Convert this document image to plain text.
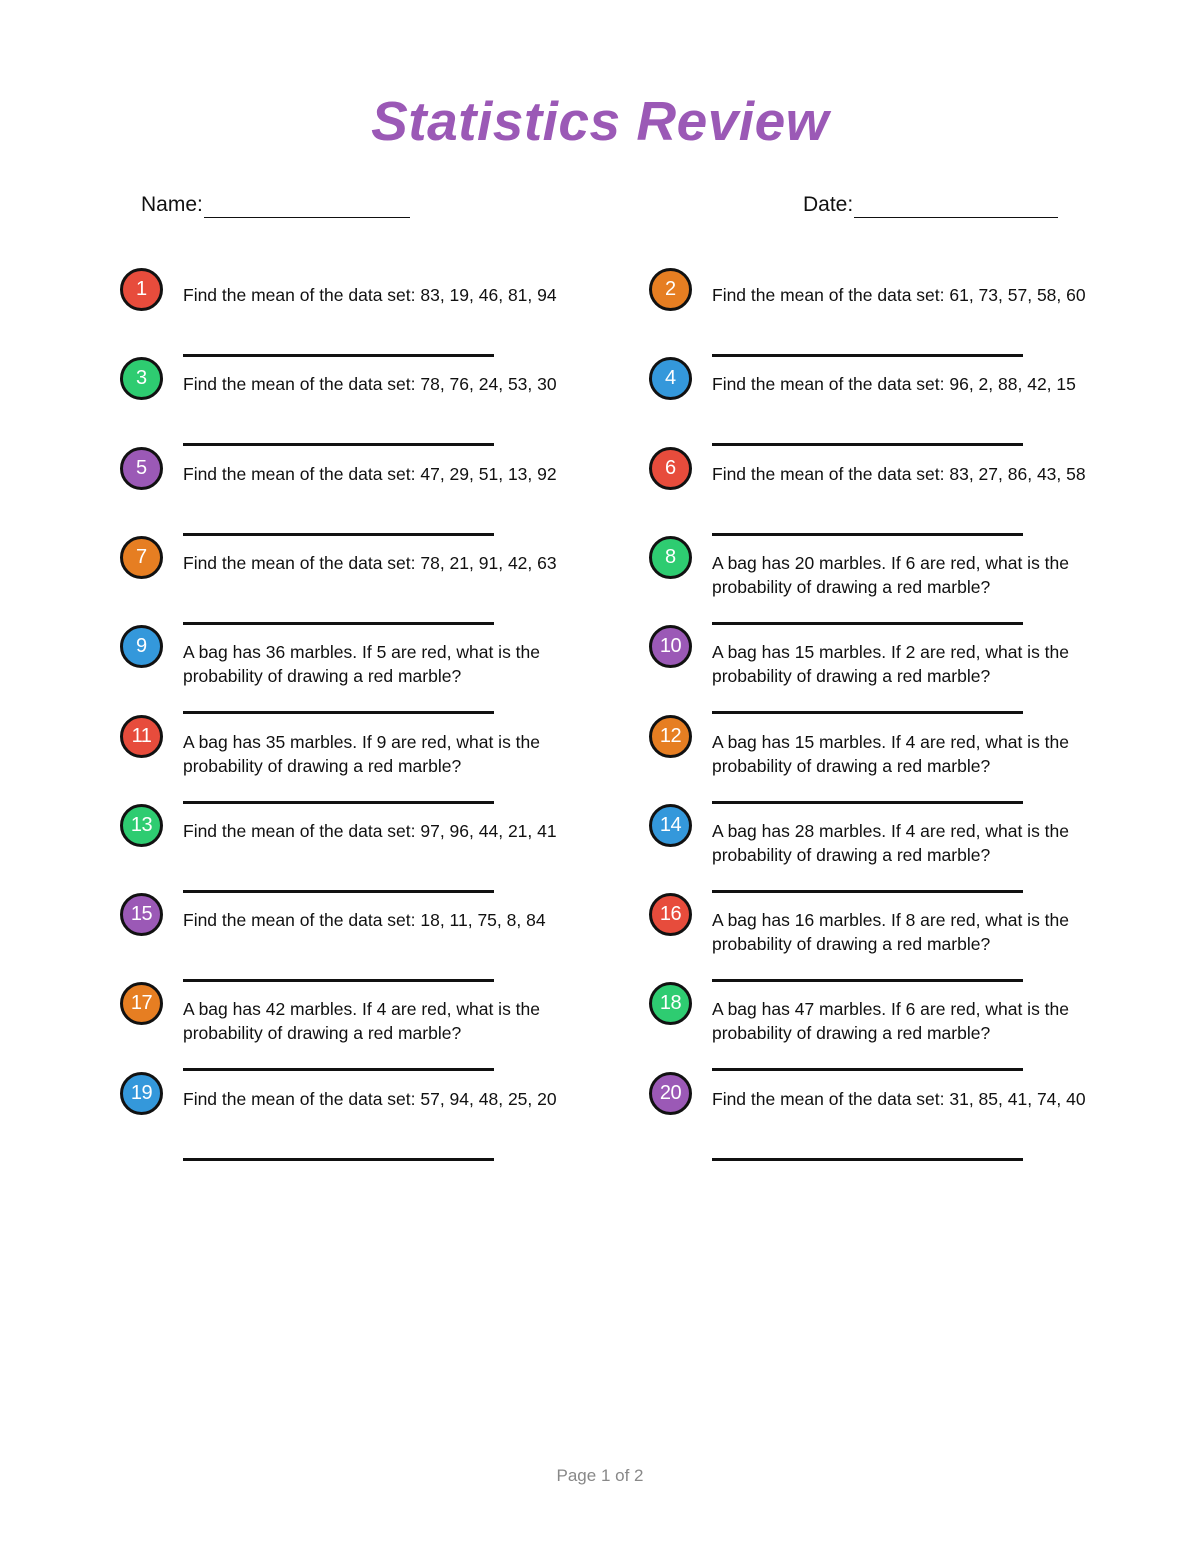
Statistics Review
Name:	Date:
1	Find the mean of the data set: 83, 19, 46, 81, 94	2	Find the mean of the data set: 61, 73, 57, 58, 60
3	Find the mean of the data set: 78, 76, 24, 53, 30	4	Find the mean of the data set: 96, 2, 88, 42, 15
5	Find the mean of the data set: 47, 29, 51, 13, 92	6	Find the mean of the data set: 83, 27, 86, 43, 58
7	Find the mean of the data set: 78, 21, 91, 42, 63	8	A bag has 20 marbles. If 6 are red, what is the probability of drawing a red marble?
9	A bag has 36 marbles. If 5 are red, what is the probability of drawing a red marble?
10	A bag has 15 marbles. If 2 are red, what is the probability of drawing a red marble?
11	A bag has 35 marbles. If 9 are red, what is the probability of drawing a red marble?
12	A bag has 15 marbles. If 4 are red, what is the probability of drawing a red marble?
13	Find the mean of the data set: 97, 96, 44, 21, 41	14	A bag has 28 marbles. If 4 are red, what is the probability of drawing a red marble?
15	Find the mean of the data set: 18, 11, 75, 8, 84	16	A bag has 16 marbles. If 8 are red, what is the probability of drawing a red marble?
17	A bag has 42 marbles. If 4 are red, what is the probability of drawing a red marble?
18	A bag has 47 marbles. If 6 are red, what is the probability of drawing a red marble?
19	Find the mean of the data set: 57, 94, 48, 25, 20	20	Find the mean of the data set: 31, 85, 41, 74, 40
Page 1 of 2
